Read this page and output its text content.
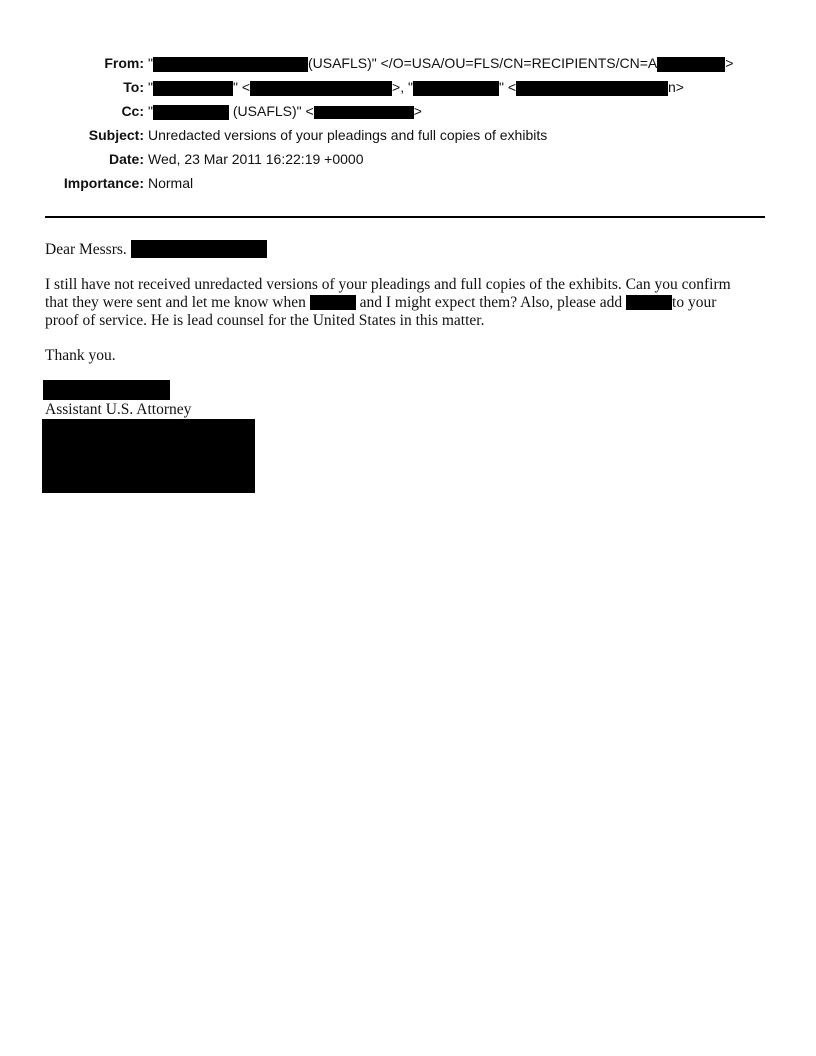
From: "	(USAFLS)" </O=USA/OU=FLS/CN=RECIPIENTS/CN=A	>
To: "	" <	>, "	" <	n>
Cc: "	(USAFLS)" <	>
Subject: Unredacted versions of your pleadings and full copies of exhibits
Date: Wed, 23 Mar 2011 16:22:19 +0000
Importance: Normal
Dear Messrs.
I still have not received unredacted versions of your pleadings and full copies of the exhibits. Can you confirm
that they were sent and let me know when	and I might expect them? Also, please add	to your
proof of service. He is lead counsel for the United States in this matter.
Thank you.
Assistant U.S. Attorney
